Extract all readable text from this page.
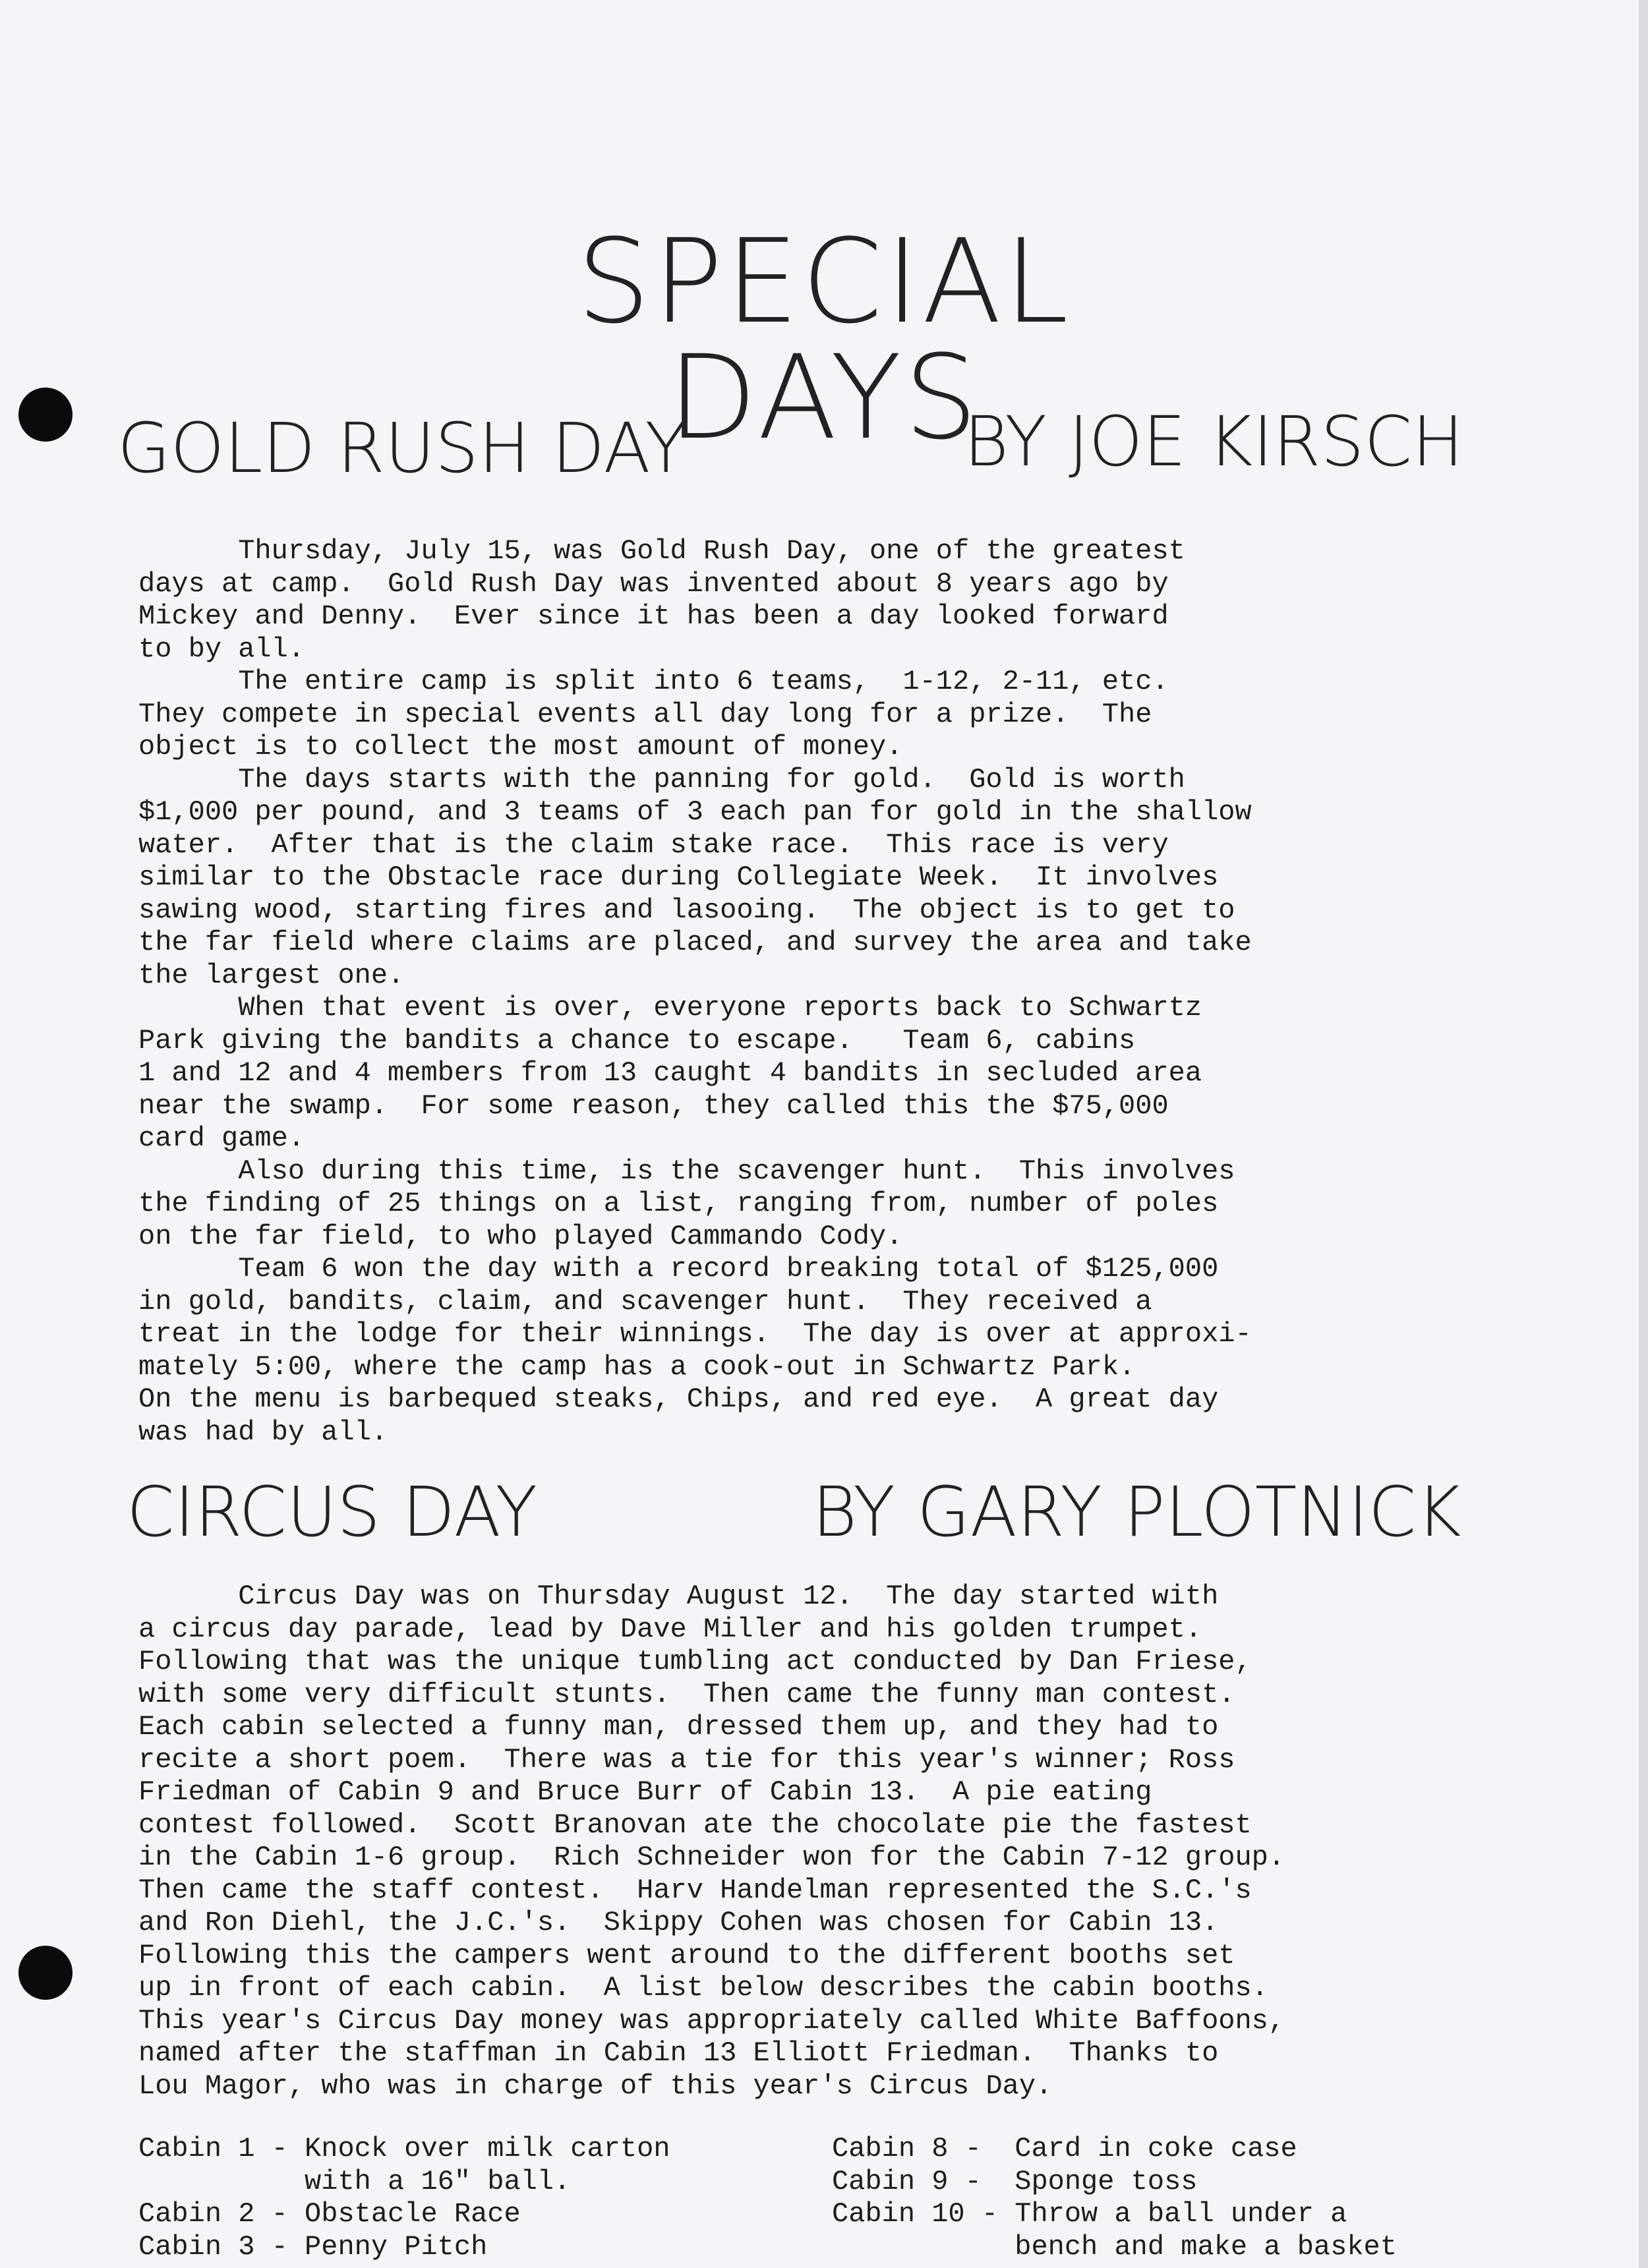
SPECIAL DAYS
GOLD RUSH DAY	BY JOE KIRSCH
Thursday, July 15, was Gold Rush Day, one of the greatest
days at camp.  Gold Rush Day was invented about 8 years ago by
Mickey and Denny.  Ever since it has been a day looked forward
to by all.
The entire camp is split into 6 teams,  1-12, 2-11, etc.
They compete in special events all day long for a prize.  The
object is to collect the most amount of money.
The days starts with the panning for gold.  Gold is worth
$1,000 per pound, and 3 teams of 3 each pan for gold in the shallow
water.  After that is the claim stake race.  This race is very
similar to the Obstacle race during Collegiate Week.  It involves
sawing wood, starting fires and lasooing.  The object is to get to
the far field where claims are placed, and survey the area and take
the largest one.
When that event is over, everyone reports back to Schwartz
Park giving the bandits a chance to escape.   Team 6, cabins
1 and 12 and 4 members from 13 caught 4 bandits in secluded area
near the swamp.  For some reason, they called this the $75,000
card game.
Also during this time, is the scavenger hunt.  This involves
the finding of 25 things on a list, ranging from, number of poles
on the far field, to who played Cammando Cody.
Team 6 won the day with a record breaking total of $125,000
in gold, bandits, claim, and scavenger hunt.  They received a
treat in the lodge for their winnings.  The day is over at approxi-
mately 5:00, where the camp has a cook-out in Schwartz Park.
On the menu is barbequed steaks, Chips, and red eye.  A great day
was had by all.
CIRCUS DAY	BY GARY PLOTNICK
Circus Day was on Thursday August 12.  The day started with
a circus day parade, lead by Dave Miller and his golden trumpet.
Following that was the unique tumbling act conducted by Dan Friese,
with some very difficult stunts.  Then came the funny man contest.
Each cabin selected a funny man, dressed them up, and they had to
recite a short poem.  There was a tie for this year's winner; Ross
Friedman of Cabin 9 and Bruce Burr of Cabin 13.  A pie eating
contest followed.  Scott Branovan ate the chocolate pie the fastest
in the Cabin 1-6 group.  Rich Schneider won for the Cabin 7-12 group.
Then came the staff contest.  Harv Handelman represented the S.C.'s
and Ron Diehl, the J.C.'s.  Skippy Cohen was chosen for Cabin 13.
Following this the campers went around to the different booths set
up in front of each cabin.  A list below describes the cabin booths.
This year's Circus Day money was appropriately called White Baffoons,
named after the staffman in Cabin 13 Elliott Friedman.  Thanks to
Lou Magor, who was in charge of this year's Circus Day.
Cabin 1 - Knock over milk carton
with a 16" ball.
Cabin 2 - Obstacle Race
Cabin 3 - Penny Pitch
Cabin 8 -  Card in coke case
Cabin 9 -  Sponge toss
Cabin 10 - Throw a ball under a
bench and make a basket
